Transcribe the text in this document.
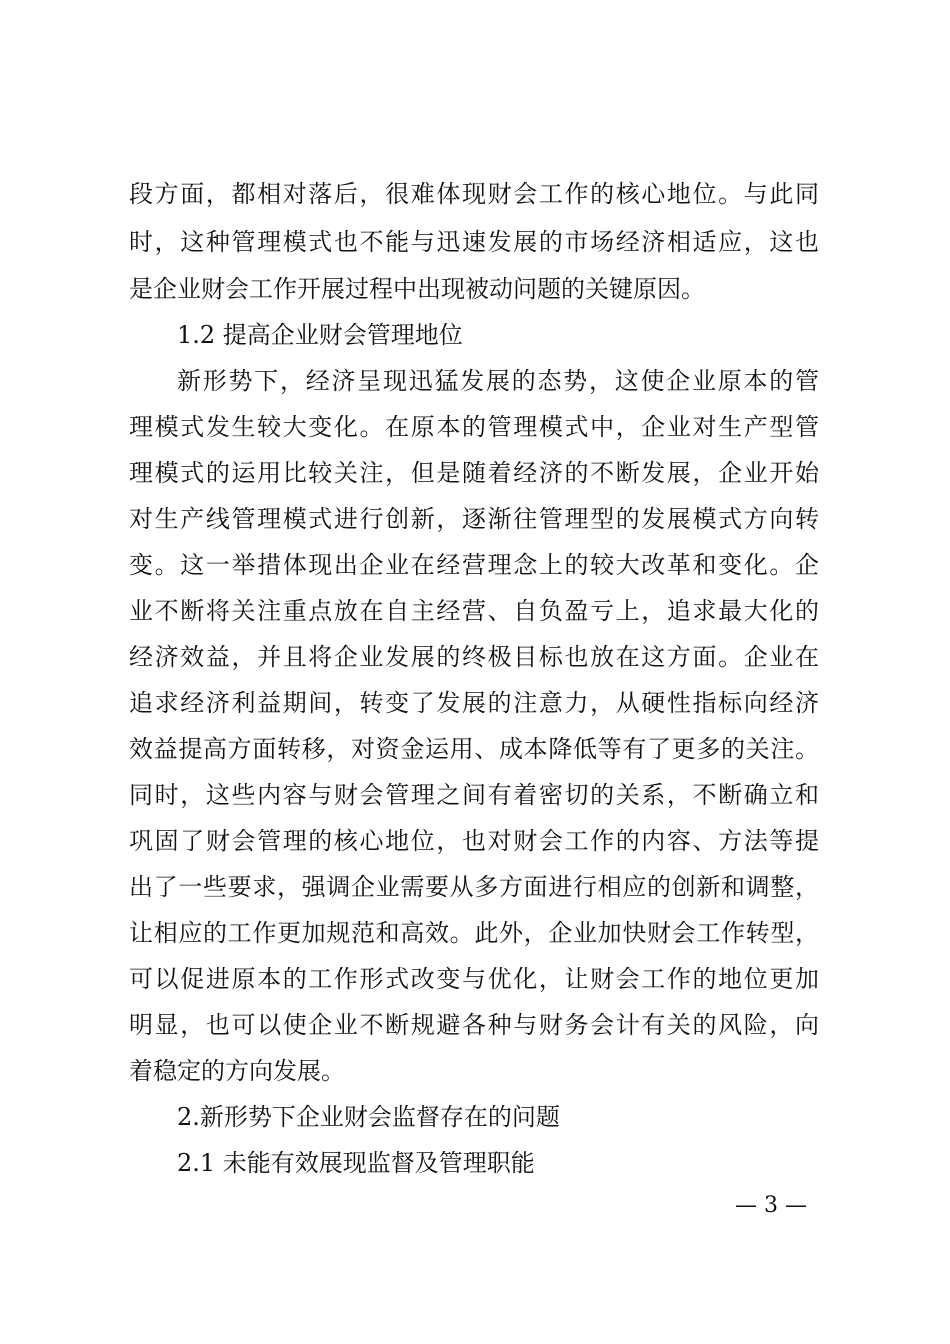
段方面，都相对落后，很难体现财会工作的核心地位。与此同
时，这种管理模式也不能与迅速发展的市场经济相适应，这也
是企业财会工作开展过程中出现被动问题的关键原因。
1.2 提高企业财会管理地位
新形势下，经济呈现迅猛发展的态势，这使企业原本的管
理模式发生较大变化。在原本的管理模式中，企业对生产型管
理模式的运用比较关注，但是随着经济的不断发展，企业开始
对生产线管理模式进行创新，逐渐往管理型的发展模式方向转
变。这一举措体现出企业在经营理念上的较大改革和变化。企
业不断将关注重点放在自主经营、自负盈亏上，追求最大化的
经济效益，并且将企业发展的终极目标也放在这方面。企业在
追求经济利益期间，转变了发展的注意力，从硬性指标向经济
效益提高方面转移，对资金运用、成本降低等有了更多的关注。
同时，这些内容与财会管理之间有着密切的关系，不断确立和
巩固了财会管理的核心地位，也对财会工作的内容、方法等提
出了一些要求，强调企业需要从多方面进行相应的创新和调整，
让相应的工作更加规范和高效。此外，企业加快财会工作转型，
可以促进原本的工作形式改变与优化，让财会工作的地位更加
明显，也可以使企业不断规避各种与财务会计有关的风险，向
着稳定的方向发展。
2.新形势下企业财会监督存在的问题
2.1 未能有效展现监督及管理职能
— 3 —
